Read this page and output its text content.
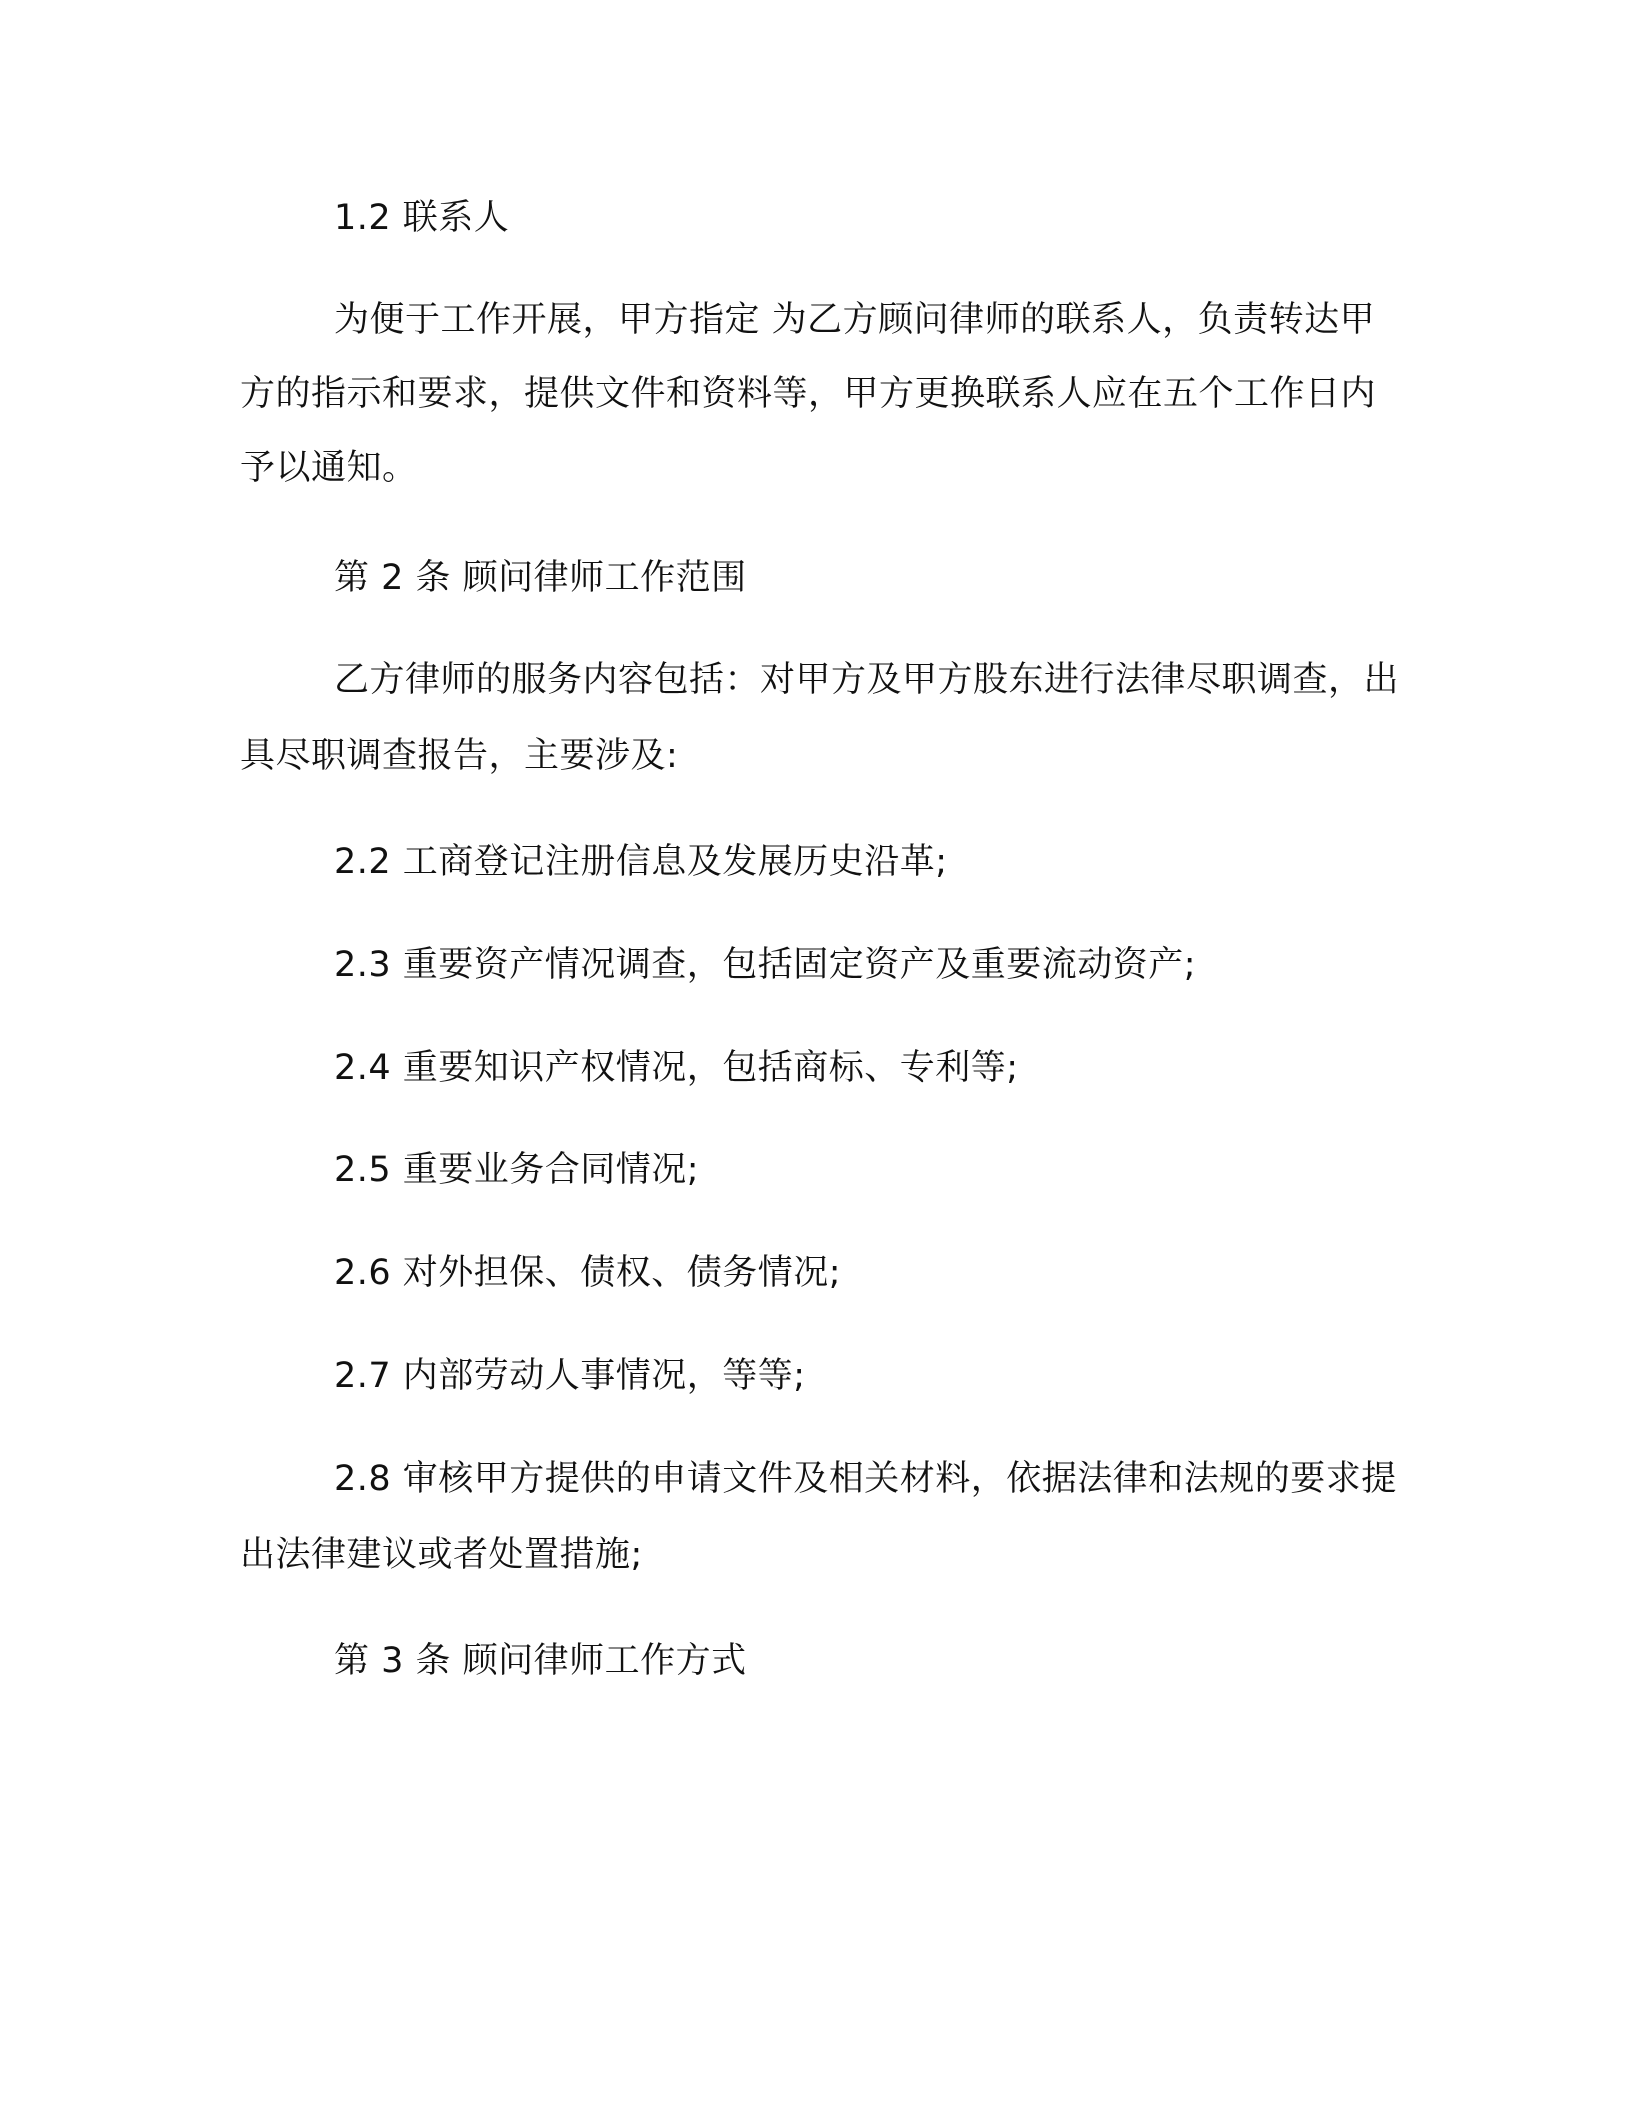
1.2 联系人

为便于工作开展，甲方指定 为乙方顾问律师的联系人，负责转达甲方的指示和要求，提供文件和资料等，甲方更换联系人应在五个工作日内予以通知。

第 2 条 顾问律师工作范围

乙方律师的服务内容包括：对甲方及甲方股东进行法律尽职调查，出具尽职调查报告，主要涉及:

2.2 工商登记注册信息及发展历史沿革;

2.3 重要资产情况调查，包括固定资产及重要流动资产;

2.4 重要知识产权情况，包括商标、专利等;

2.5 重要业务合同情况;

2.6 对外担保、债权、债务情况;

2.7 内部劳动人事情况，等等;

2.8 审核甲方提供的申请文件及相关材料，依据法律和法规的要求提出法律建议或者处置措施;

第 3 条 顾问律师工作方式
